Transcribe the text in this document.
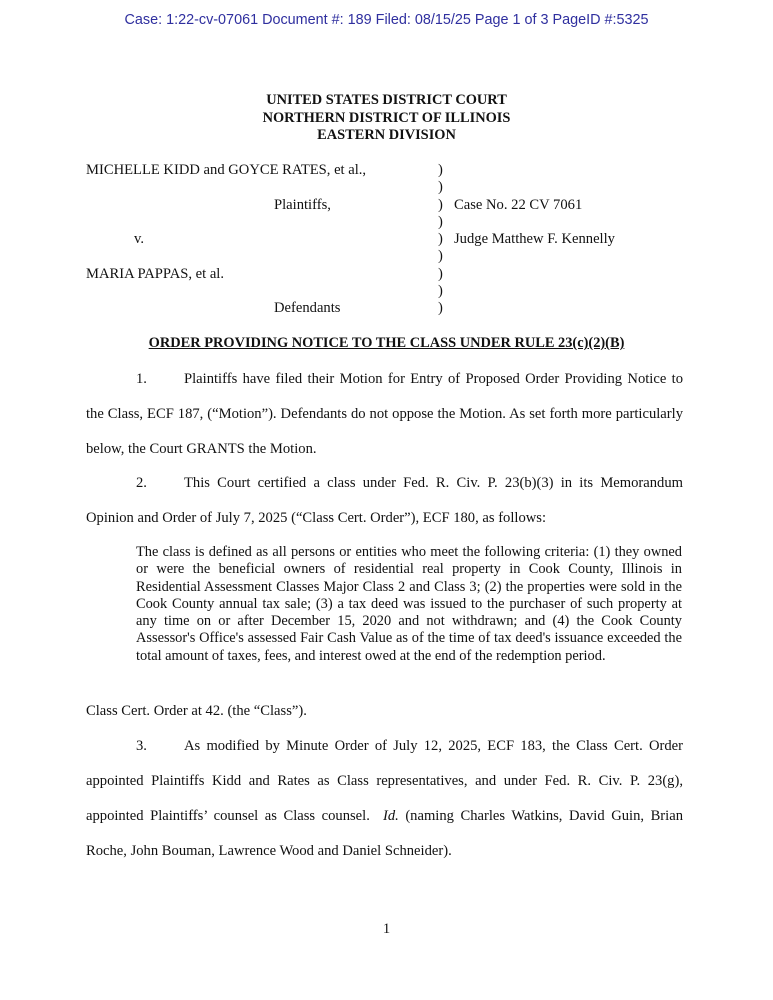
Case: 1:22-cv-07061 Document #: 189 Filed: 08/15/25 Page 1 of 3 PageID #:5325
UNITED STATES DISTRICT COURT
NORTHERN DISTRICT OF ILLINOIS
EASTERN DIVISION
MICHELLE KIDD and GOYCE RATES, et al.,	)
)
Plaintiffs,	) Case No. 22 CV 7061
)
v.	) Judge Matthew F. Kennelly
)
MARIA PAPPAS, et al.	)
)
Defendants	)
ORDER PROVIDING NOTICE TO THE CLASS UNDER RULE 23(c)(2)(B)
1.	Plaintiffs have filed their Motion for Entry of Proposed Order Providing Notice to the Class, ECF 187, (“Motion”). Defendants do not oppose the Motion. As set forth more particularly below, the Court GRANTS the Motion.
2.	This Court certified a class under Fed. R. Civ. P. 23(b)(3) in its Memorandum Opinion and Order of July 7, 2025 (“Class Cert. Order”), ECF 180, as follows:
The class is defined as all persons or entities who meet the following criteria: (1) they owned or were the beneficial owners of residential real property in Cook County, Illinois in Residential Assessment Classes Major Class 2 and Class 3; (2) the properties were sold in the Cook County annual tax sale; (3) a tax deed was issued to the purchaser of such property at any time on or after December 15, 2020 and not withdrawn; and (4) the Cook County Assessor's Office's assessed Fair Cash Value as of the time of tax deed's issuance exceeded the total amount of taxes, fees, and interest owed at the end of the redemption period.
Class Cert. Order at 42. (the “Class”).
3.	As modified by Minute Order of July 12, 2025, ECF 183, the Class Cert. Order appointed Plaintiffs Kidd and Rates as Class representatives, and under Fed. R. Civ. P. 23(g), appointed Plaintiffs’ counsel as Class counsel. Id. (naming Charles Watkins, David Guin, Brian Roche, John Bouman, Lawrence Wood and Daniel Schneider).
1
